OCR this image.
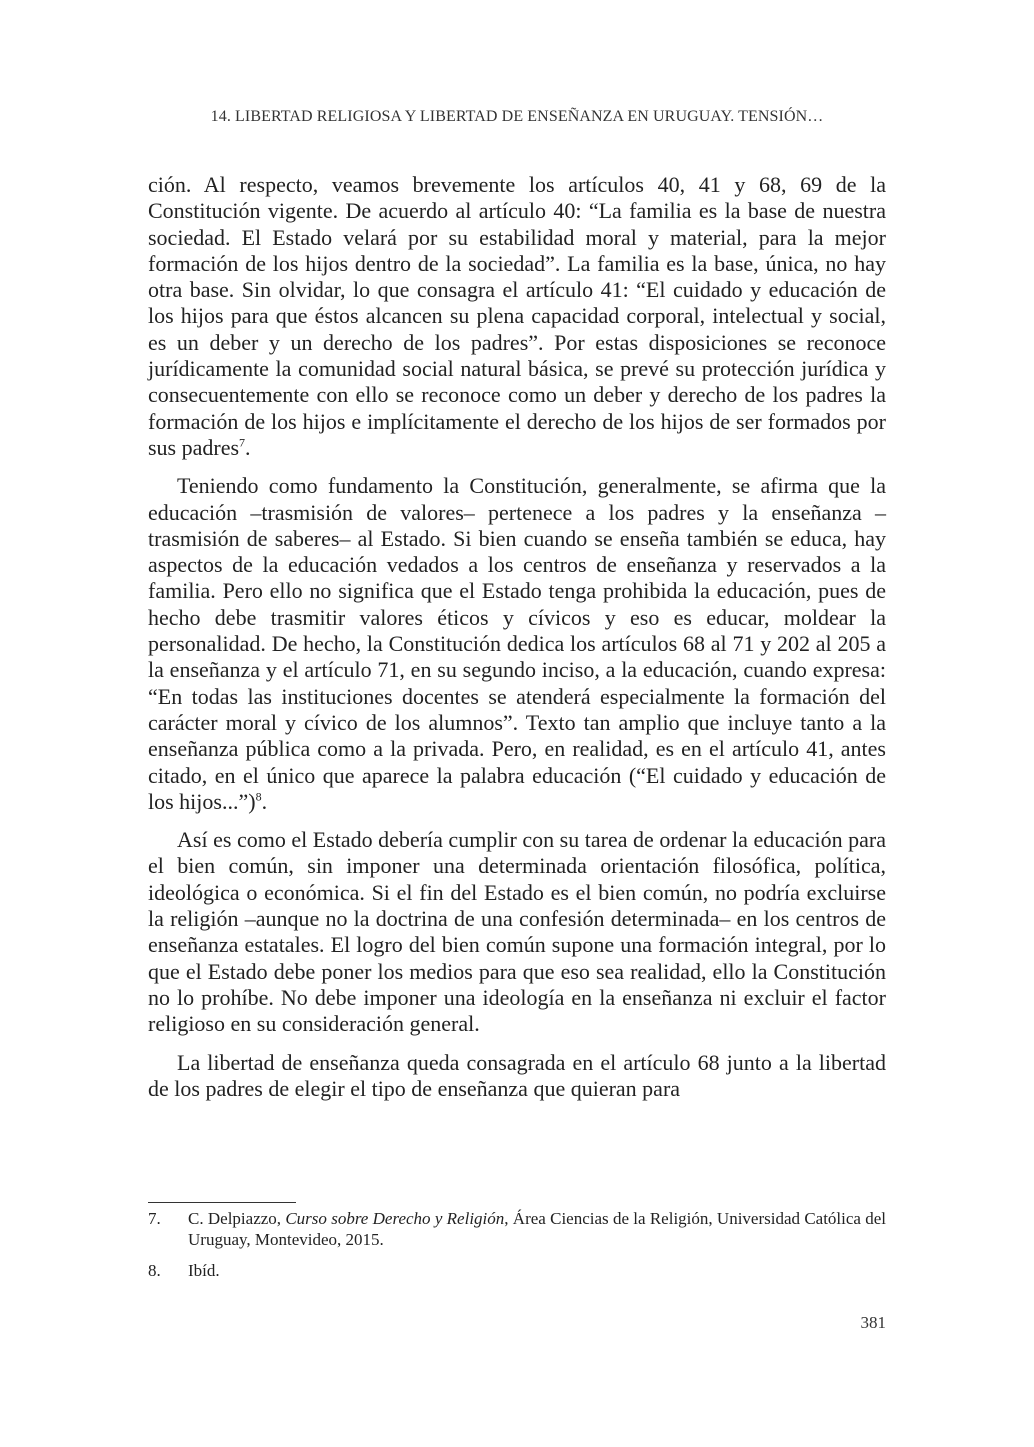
14. LIBERTAD RELIGIOSA Y LIBERTAD DE ENSEÑANZA EN URUGUAY. TENSIÓN…

ción. Al respecto, veamos brevemente los artículos 40, 41 y 68, 69 de la Constitución vigente. De acuerdo al artículo 40: “La familia es la base de nuestra sociedad. El Estado velará por su estabilidad moral y material, para la mejor formación de los hijos dentro de la sociedad”. La familia es la base, única, no hay otra base. Sin olvidar, lo que consagra el artículo 41: “El cuidado y educación de los hijos para que éstos alcancen su plena capacidad corporal, intelectual y social, es un deber y un derecho de los padres”. Por estas disposiciones se reconoce jurídicamente la comunidad social natural básica, se prevé su protección jurídica y consecuentemente con ello se reconoce como un deber y derecho de los padres la formación de los hijos e implícitamente el derecho de los hijos de ser formados por sus padres$^7$.

Teniendo como fundamento la Constitución, generalmente, se afirma que la educación –trasmisión de valores– pertenece a los padres y la enseñanza –trasmisión de saberes– al Estado. Si bien cuando se enseña también se educa, hay aspectos de la educación vedados a los centros de enseñanza y reservados a la familia. Pero ello no significa que el Estado tenga prohibida la educación, pues de hecho debe trasmitir valores éticos y cívicos y eso es educar, moldear la personalidad. De hecho, la Constitución dedica los artículos 68 al 71 y 202 al 205 a la enseñanza y el artículo 71, en su segundo inciso, a la educación, cuando expresa: “En todas las instituciones docentes se atenderá especialmente la formación del carácter moral y cívico de los alumnos”. Texto tan amplio que incluye tanto a la enseñanza pública como a la privada. Pero, en realidad, es en el artículo 41, antes citado, en el único que aparece la palabra educación (“El cuidado y educación de los hijos...”)$^8$.

Así es como el Estado debería cumplir con su tarea de ordenar la educación para el bien común, sin imponer una determinada orientación filosófica, política, ideológica o económica. Si el fin del Estado es el bien común, no podría excluirse la religión –aunque no la doctrina de una confesión determinada– en los centros de enseñanza estatales. El logro del bien común supone una formación integral, por lo que el Estado debe poner los medios para que eso sea realidad, ello la Constitución no lo prohíbe. No debe imponer una ideología en la enseñanza ni excluir el factor religioso en su consideración general.

La libertad de enseñanza queda consagrada en el artículo 68 junto a la libertad de los padres de elegir el tipo de enseñanza que quieran para

7.	C. Delpiazzo, Curso sobre Derecho y Religión, Área Ciencias de la Religión, Universidad Católica del Uruguay, Montevideo, 2015.
8.	Ibíd.
381
